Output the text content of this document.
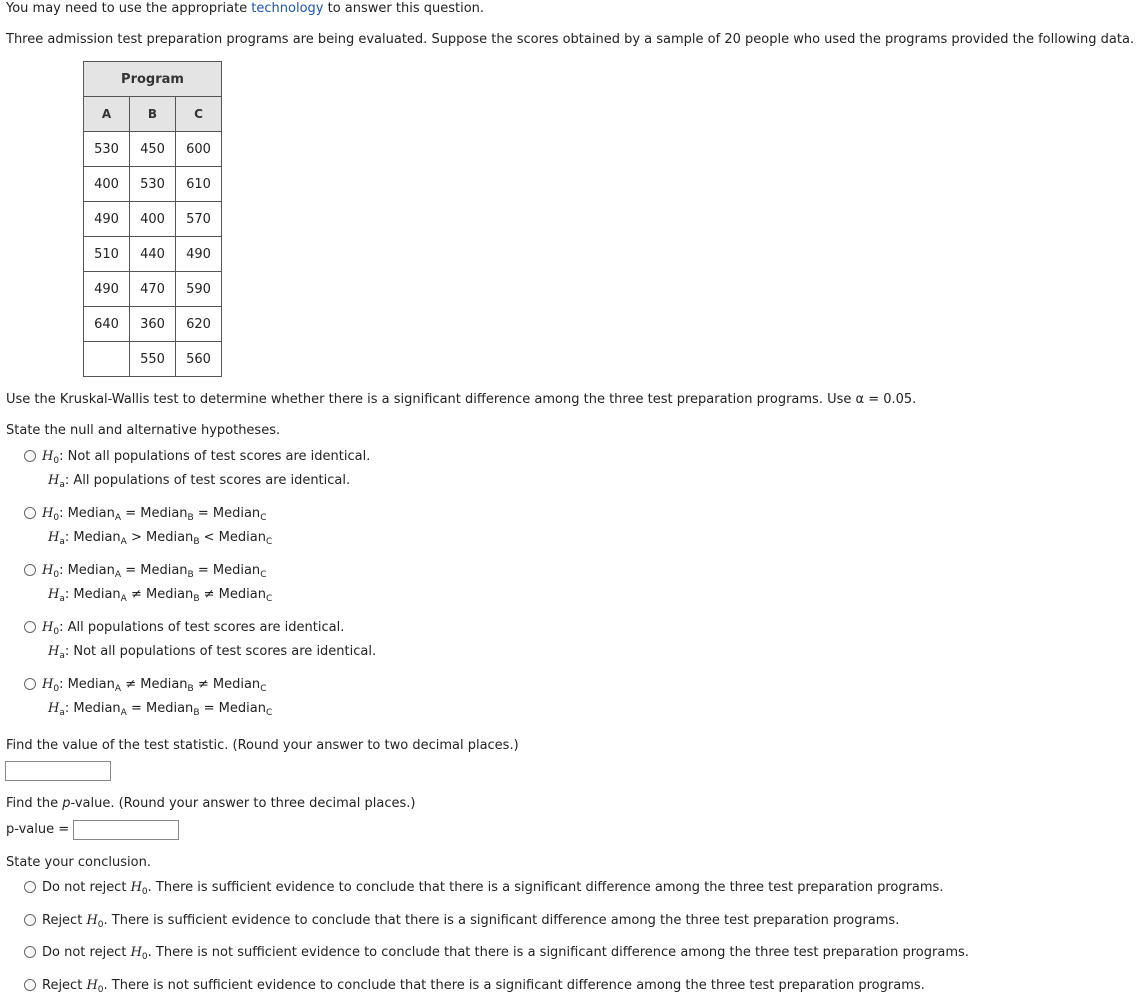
You may need to use the appropriate technology to answer this question.
Three admission test preparation programs are being evaluated. Suppose the scores obtained by a sample of 20 people who used the programs provided the following data.
Program		
A	B	C
530	450	600
400	530	610
490	400	570
510	440	490
490	470	590
640	360	620
	550	560
Use the Kruskal-Wallis test to determine whether there is a significant difference among the three test preparation programs. Use α = 0.05.
State the null and alternative hypotheses.
$H_0$: Not all populations of test scores are identical.
$H_a$: All populations of test scores are identical.
$H_0$: Median$_A$ = Median$_B$ = Median$_C$
$H_a$: Median$_A$ > Median$_B$ < Median$_C$
$H_0$: Median$_A$ = Median$_B$ = Median$_C$
$H_a$: Median$_A$ ≠ Median$_B$ ≠ Median$_C$
$H_0$: All populations of test scores are identical.
$H_a$: Not all populations of test scores are identical.
$H_0$: Median$_A$ ≠ Median$_B$ ≠ Median$_C$
$H_a$: Median$_A$ = Median$_B$ = Median$_C$
Find the value of the test statistic. (Round your answer to two decimal places.)
Find the p-value. (Round your answer to three decimal places.)
p-value =
State your conclusion.
Do not reject $H_0$. There is sufficient evidence to conclude that there is a significant difference among the three test preparation programs.
Reject $H_0$. There is sufficient evidence to conclude that there is a significant difference among the three test preparation programs.
Do not reject $H_0$. There is not sufficient evidence to conclude that there is a significant difference among the three test preparation programs.
Reject $H_0$. There is not sufficient evidence to conclude that there is a significant difference among the three test preparation programs.
